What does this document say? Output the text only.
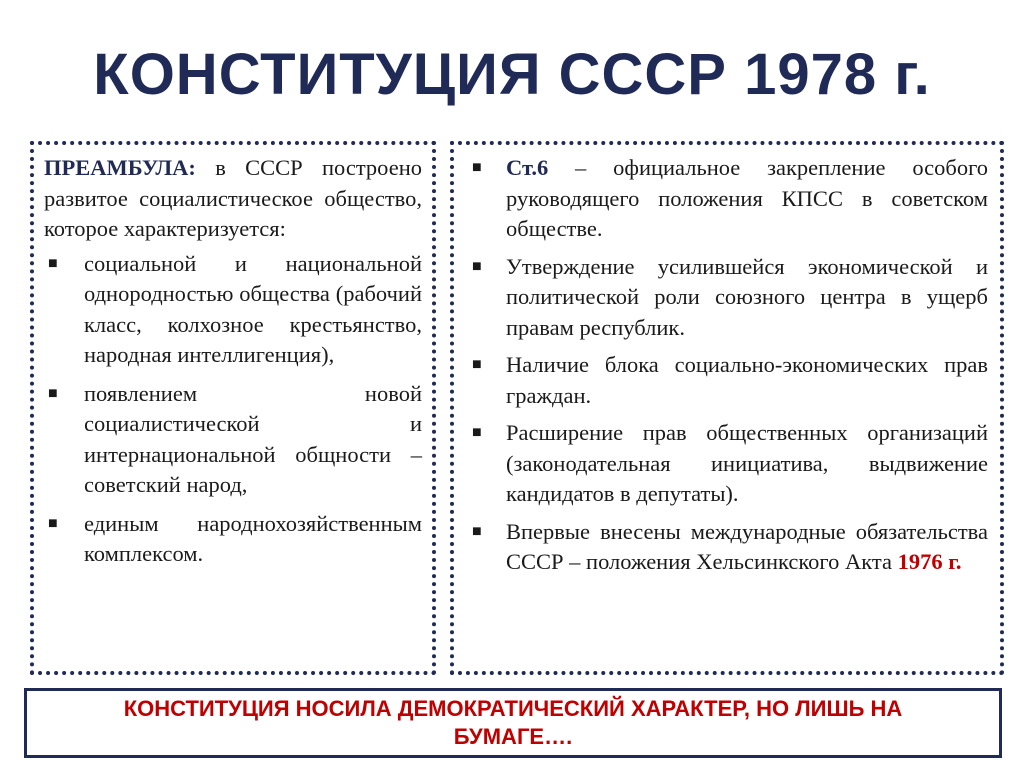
КОНСТИТУЦИЯ СССР 1978 г.

ПРЕАМБУЛА: в СССР построено развитое социалистическое общество, которое характеризуется:

■ социальной и национальной однородностью общества (рабочий класс, колхозное крестьянство, народная интеллигенция),
■ появлением новой социалистической и интернациональной общности – советский народ,
■ единым народнохозяйственным комплексом.
■ Ст.6 – официальное закрепление особого руководящего положения КПСС в советском обществе.
■ Утверждение усилившейся экономической и политической роли союзного центра в ущерб правам республик.
■ Наличие блока социально-экономических прав граждан.
■ Расширение прав общественных организаций (законодательная инициатива, выдвижение кандидатов в депутаты).
■ Впервые внесены международные обязательства СССР – положения Хельсинкского Акта 1976 г.
КОНСТИТУЦИЯ НОСИЛА ДЕМОКРАТИЧЕСКИЙ ХАРАКТЕР, НО ЛИШЬ НА БУМАГЕ….
